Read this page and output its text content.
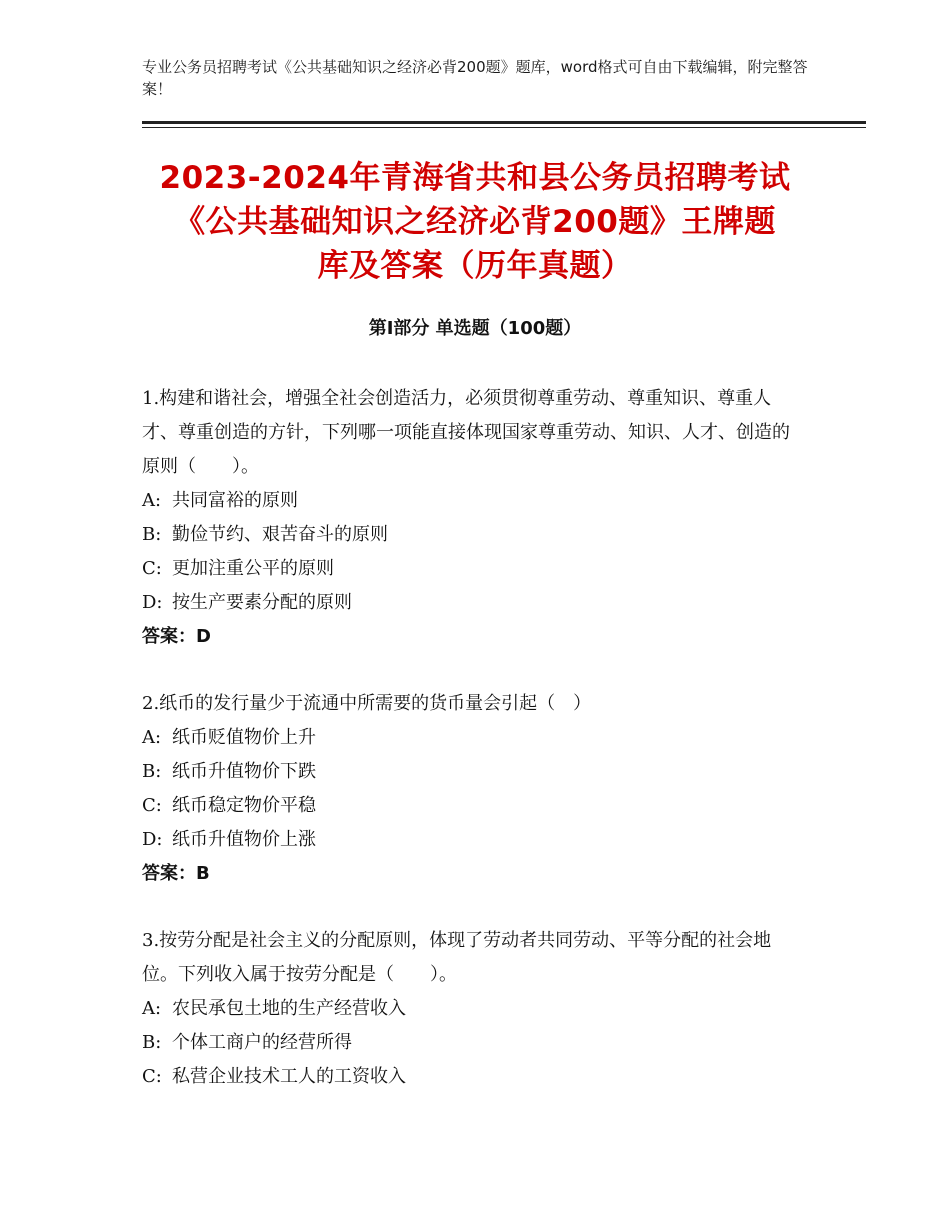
专业公务员招聘考试《公共基础知识之经济必背200题》题库，word格式可自由下载编辑，附完整答案！
2023-2024年青海省共和县公务员招聘考试
《公共基础知识之经济必背200题》王牌题
库及答案（历年真题）
第I部分 单选题（100题）

1.构建和谐社会，增强全社会创造活力，必须贯彻尊重劳动、尊重知识、尊重人才、尊重创造的方针，下列哪一项能直接体现国家尊重劳动、知识、人才、创造的原则（　　）。

A: 共同富裕的原则

B: 勤俭节约、艰苦奋斗的原则

C: 更加注重公平的原则

D: 按生产要素分配的原则

答案：D

2.纸币的发行量少于流通中所需要的货币量会引起（　）

A: 纸币贬值物价上升

B: 纸币升值物价下跌

C: 纸币稳定物价平稳

D: 纸币升值物价上涨

答案：B

3.按劳分配是社会主义的分配原则，体现了劳动者共同劳动、平等分配的社会地位。下列收入属于按劳分配是（　　）。

A: 农民承包土地的生产经营收入

B: 个体工商户的经营所得

C: 私营企业技术工人的工资收入
